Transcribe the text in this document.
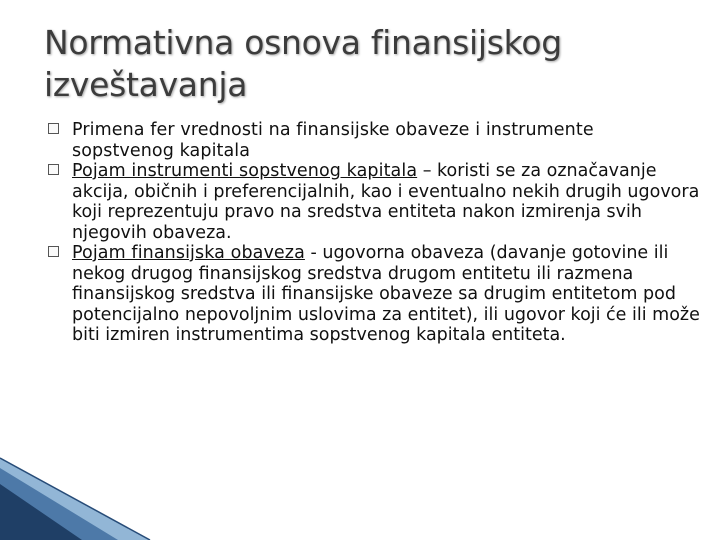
Normativna osnova finansijskog izveštavanja

Primena fer vrednosti na finansijske obaveze i instrumente sopstvenog kapitala

Pojam instrumenti sopstvenog kapitala – koristi se za označavanje akcija, običnih i preferencijalnih, kao i eventualno nekih drugih ugovora koji reprezentuju pravo na sredstva entiteta nakon izmirenja svih njegovih obaveza.

Pojam finansijska obaveza - ugovorna obaveza (davanje gotovine ili nekog drugog finansijskog sredstva drugom entitetu ili razmena finansijskog sredstva ili finansijske obaveze sa drugim entitetom pod potencijalno nepovoljnim uslovima za entitet), ili ugovor koji će ili može biti izmiren instrumentima sopstvenog kapitala entiteta.
